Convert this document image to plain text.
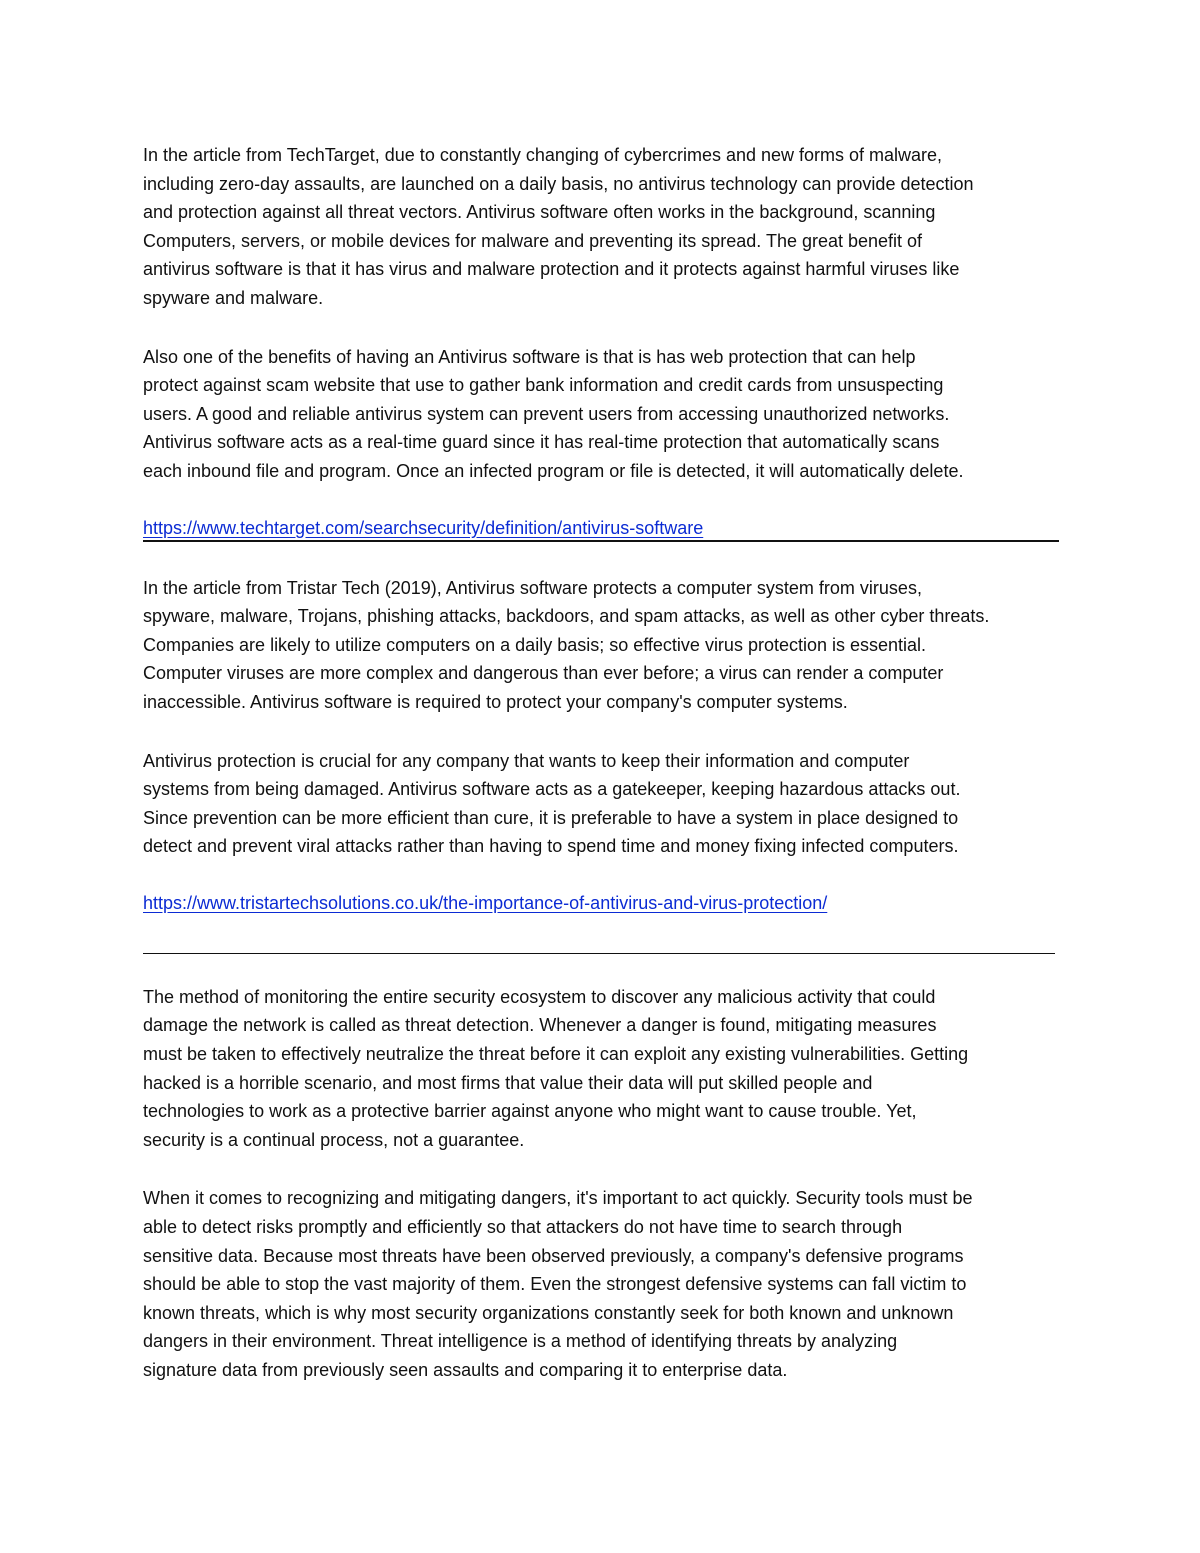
In the article from TechTarget, due to constantly changing of cybercrimes and new forms of malware,
including zero-day assaults, are launched on a daily basis, no antivirus technology can provide detection
and protection against all threat vectors. Antivirus software often works in the background, scanning
Computers, servers, or mobile devices for malware and preventing its spread. The great benefit of
antivirus software is that it has virus and malware protection and it protects against harmful viruses like
spyware and malware.
Also one of the benefits of having an Antivirus software is that is has web protection that can help
protect against scam website that use to gather bank information and credit cards from unsuspecting
users. A good and reliable antivirus system can prevent users from accessing unauthorized networks.
Antivirus software acts as a real-time guard since it has real-time protection that automatically scans
each inbound file and program. Once an infected program or file is detected, it will automatically delete.
https://www.techtarget.com/searchsecurity/definition/antivirus-software
In the article from Tristar Tech (2019), Antivirus software protects a computer system from viruses,
spyware, malware, Trojans, phishing attacks, backdoors, and spam attacks, as well as other cyber threats.
Companies are likely to utilize computers on a daily basis; so effective virus protection is essential.
Computer viruses are more complex and dangerous than ever before; a virus can render a computer
inaccessible. Antivirus software is required to protect your company's computer systems.
Antivirus protection is crucial for any company that wants to keep their information and computer
systems from being damaged. Antivirus software acts as a gatekeeper, keeping hazardous attacks out.
Since prevention can be more efficient than cure, it is preferable to have a system in place designed to
detect and prevent viral attacks rather than having to spend time and money fixing infected computers.
https://www.tristartechsolutions.co.uk/the-importance-of-antivirus-and-virus-protection/
The method of monitoring the entire security ecosystem to discover any malicious activity that could
damage the network is called as threat detection. Whenever a danger is found, mitigating measures
must be taken to effectively neutralize the threat before it can exploit any existing vulnerabilities. Getting
hacked is a horrible scenario, and most firms that value their data will put skilled people and
technologies to work as a protective barrier against anyone who might want to cause trouble. Yet,
security is a continual process, not a guarantee.
When it comes to recognizing and mitigating dangers, it's important to act quickly. Security tools must be
able to detect risks promptly and efficiently so that attackers do not have time to search through
sensitive data. Because most threats have been observed previously, a company's defensive programs
should be able to stop the vast majority of them. Even the strongest defensive systems can fall victim to
known threats, which is why most security organizations constantly seek for both known and unknown
dangers in their environment. Threat intelligence is a method of identifying threats by analyzing
signature data from previously seen assaults and comparing it to enterprise data.
